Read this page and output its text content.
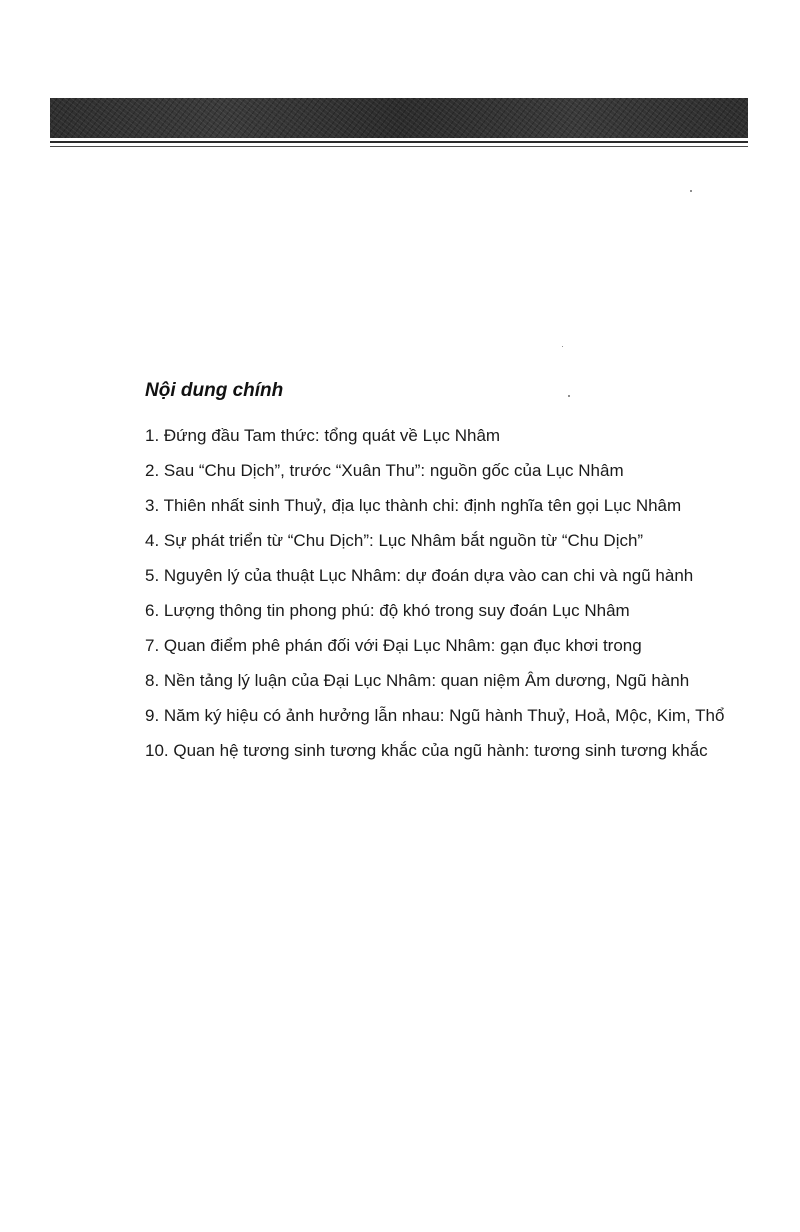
Nội dung chính
1. Đứng đầu Tam thức: tổng quát về Lục Nhâm
2. Sau “Chu Dịch”, trước “Xuân Thu”: nguồn gốc của Lục Nhâm
3. Thiên nhất sinh Thuỷ, địa lục thành chi: định nghĩa tên gọi Lục Nhâm
4. Sự phát triển từ “Chu Dịch”: Lục Nhâm bắt nguồn từ “Chu Dịch”
5. Nguyên lý của thuật Lục Nhâm: dự đoán dựa vào can chi và ngũ hành
6. Lượng thông tin phong phú: độ khó trong suy đoán Lục Nhâm
7. Quan điểm phê phán đối với Đại Lục Nhâm: gạn đục khơi trong
8. Nền tảng lý luận của Đại Lục Nhâm: quan niệm Âm dương, Ngũ hành
9. Năm ký hiệu có ảnh hưởng lẫn nhau: Ngũ hành Thuỷ, Hoả, Mộc, Kim, Thổ
10. Quan hệ tương sinh tương khắc của ngũ hành: tương sinh tương khắc
